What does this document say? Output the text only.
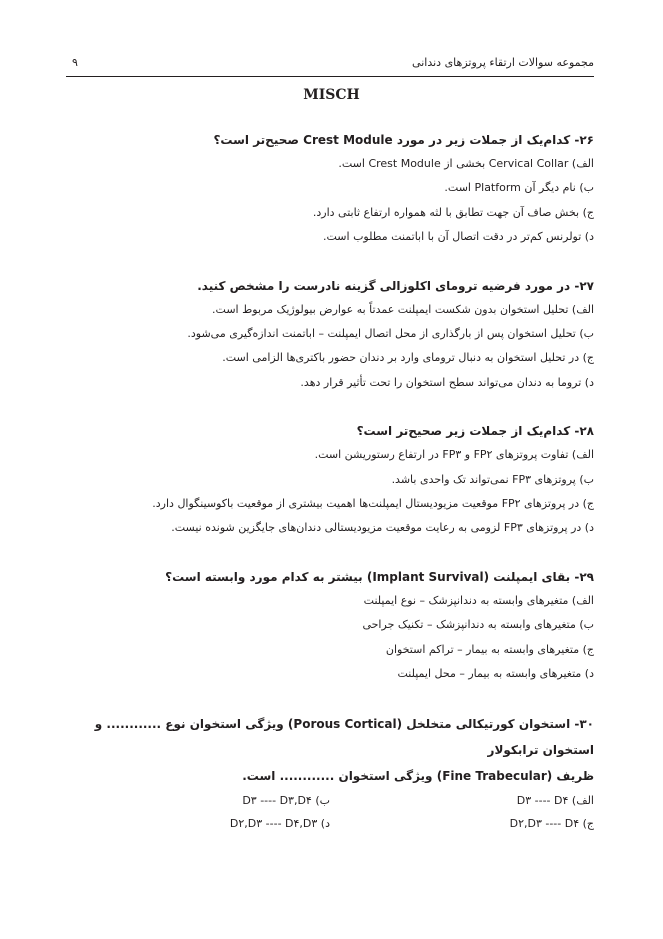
مجموعه سوالات ارتقاء پروتزهای دندانی
۹
MISCH
۲۶- کدام‌یک از جملات زیر در مورد Crest Module صحیح‌تر است؟
الف) Cervical Collar بخشی از Crest Module است.
ب) نام دیگر آن Platform است.
ج) بخش صاف آن جهت تطابق با لثه همواره ارتفاع ثابتی دارد.
د) تولرنس کم‌تر در دقت اتصال آن با اباتمنت مطلوب است.
۲۷- در مورد فرضیه ترومای اکلوزالی گزینه نادرست را مشخص کنید.
الف) تحلیل استخوان بدون شکست ایمپلنت عمدتاً به عوارض بیولوژیک مربوط است.
ب) تحلیل استخوان پس از بارگذاری از محل اتصال ایمپلنت – اباتمنت اندازه‌گیری می‌شود.
ج) در تحلیل استخوان به دنبال ترومای وارد بر دندان حضور باکتری‌ها الزامی است.
د) تروما به دندان می‌تواند سطح استخوان را تحت تأثیر قرار دهد.
۲۸- کدام‌یک از جملات زیر صحیح‌تر است؟
الف) تفاوت پروتزهای FP۲ و FP۳ در ارتفاع رستوریشن است.
ب) پروتزهای FP۳ نمی‌تواند تک واحدی باشد.
ج) در پروتزهای FP۲ موقعیت مزیودیستال ایمپلنت‌ها اهمیت بیشتری از موقعیت باکوسینگوال دارد.
د) در پروتزهای FP۳ لزومی به رعایت موقعیت مزیودیستالی دندان‌های جایگزین شونده نیست.
۲۹- بقای ایمپلنت (Implant Survival) بیشتر به کدام مورد وابسته است؟
الف) متغیرهای وابسته به دندانپزشک – نوع ایمپلنت
ب) متغیرهای وابسته به دندانپزشک – تکنیک جراحی
ج) متغیرهای وابسته به بیمار – تراکم استخوان
د) متغیرهای وابسته به بیمار – محل ایمپلنت
۳۰- استخوان کورتیکالی متخلخل (Porous Cortical) ویژگی استخوان نوع ............ و استخوان ترابکولار
ظریف (Fine Trabecular) ویژگی استخوان ............ است.
الف) D۳ ---- D۴
ب) D۳ ---- D۳,D۴
ج) D۲,D۳ ---- D۴
د) D۲,D۳ ---- D۴,D۳
